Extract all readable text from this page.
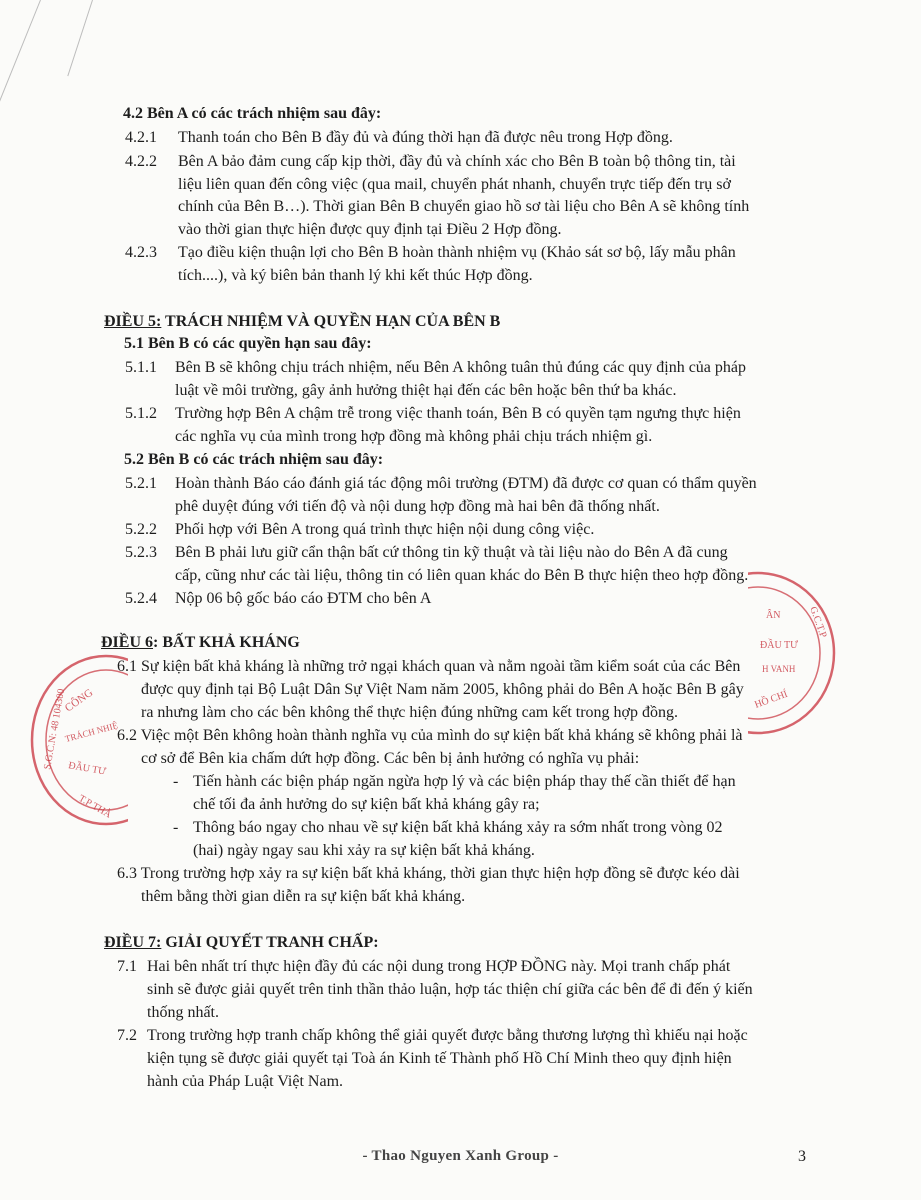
4.2 Bên A có các trách nhiệm sau đây:
4.2.1 Thanh toán cho Bên B đầy đủ và đúng thời hạn đã được nêu trong Hợp đồng.
4.2.2 Bên A bảo đảm cung cấp kịp thời, đầy đủ và chính xác cho Bên B toàn bộ thông tin, tài
liệu liên quan đến công việc (qua mail, chuyển phát nhanh, chuyển trực tiếp đến trụ sở
chính của Bên B…). Thời gian Bên B chuyển giao hồ sơ tài liệu cho Bên A sẽ không tính
vào thời gian thực hiện được quy định tại Điều 2 Hợp đồng.
4.2.3 Tạo điều kiện thuận lợi cho Bên B hoàn thành nhiệm vụ (Khảo sát sơ bộ, lấy mẫu phân
tích....), và ký biên bản thanh lý khi kết thúc Hợp đồng.
ĐIỀU 5: TRÁCH NHIỆM VÀ QUYỀN HẠN CỦA BÊN B
5.1 Bên B có các quyền hạn sau đây:
5.1.1 Bên B sẽ không chịu trách nhiệm, nếu Bên A không tuân thủ đúng các quy định của pháp
luật về môi trường, gây ảnh hưởng thiệt hại đến các bên hoặc bên thứ ba khác.
5.1.2 Trường hợp Bên A chậm trễ trong việc thanh toán, Bên B có quyền tạm ngưng thực hiện
các nghĩa vụ của mình trong hợp đồng mà không phải chịu trách nhiệm gì.
5.2 Bên B có các trách nhiệm sau đây:
5.2.1 Hoàn thành Báo cáo đánh giá tác động môi trường (ĐTM) đã được cơ quan có thẩm quyền
phê duyệt đúng với tiến độ và nội dung hợp đồng mà hai bên đã thống nhất.
5.2.2 Phối hợp với Bên A trong quá trình thực hiện nội dung công việc.
5.2.3 Bên B phải lưu giữ cẩn thận bất cứ thông tin kỹ thuật và tài liệu nào do Bên A đã cung
cấp, cũng như các tài liệu, thông tin có liên quan khác do Bên B thực hiện theo hợp đồng.
5.2.4 Nộp 06 bộ gốc báo cáo ĐTM cho bên A
ĐIỀU 6: BẤT KHẢ KHÁNG
6.1 Sự kiện bất khả kháng là những trở ngại khách quan và nằm ngoài tầm kiểm soát của các Bên
được quy định tại Bộ Luật Dân Sự Việt Nam năm 2005, không phải do Bên A hoặc Bên B gây
ra nhưng làm cho các bên không thể thực hiện đúng những cam kết trong hợp đồng.
6.2 Việc một Bên không hoàn thành nghĩa vụ của mình do sự kiện bất khả kháng sẽ không phải là
cơ sở để Bên kia chấm dứt hợp đồng. Các bên bị ảnh hưởng có nghĩa vụ phải:
- Tiến hành các biện pháp ngăn ngừa hợp lý và các biện pháp thay thế cần thiết để hạn
chế tối đa ảnh hưởng do sự kiện bất khả kháng gây ra;
- Thông báo ngay cho nhau về sự kiện bất khả kháng xảy ra sớm nhất trong vòng 02
(hai) ngày ngay sau khi xảy ra sự kiện bất khả kháng.
6.3 Trong trường hợp xảy ra sự kiện bất khả kháng, thời gian thực hiện hợp đồng sẽ được kéo dài
thêm bằng thời gian diễn ra sự kiện bất khả kháng.
ĐIỀU 7: GIẢI QUYẾT TRANH CHẤP:
7.1 Hai bên nhất trí thực hiện đầy đủ các nội dung trong HỢP ĐỒNG này. Mọi tranh chấp phát
sinh sẽ được giải quyết trên tinh thần thảo luận, hợp tác thiện chí giữa các bên để đi đến ý kiến
thống nhất.
7.2 Trong trường hợp tranh chấp không thể giải quyết được bằng thương lượng thì khiếu nại hoặc
kiện tụng sẽ được giải quyết tại Toà án Kinh tế Thành phố Hồ Chí Minh theo quy định hiện
hành của Pháp Luật Việt Nam.
S.G.C.N: 48 104300
CÔNG
TRÁCH NHIỆ
ĐẦU TƯ
T.P THÀ
G.C.T.P
ÂN
ĐẦU TƯ
H VANH
HỒ CHÍ
- Thao Nguyen Xanh Group -	3
